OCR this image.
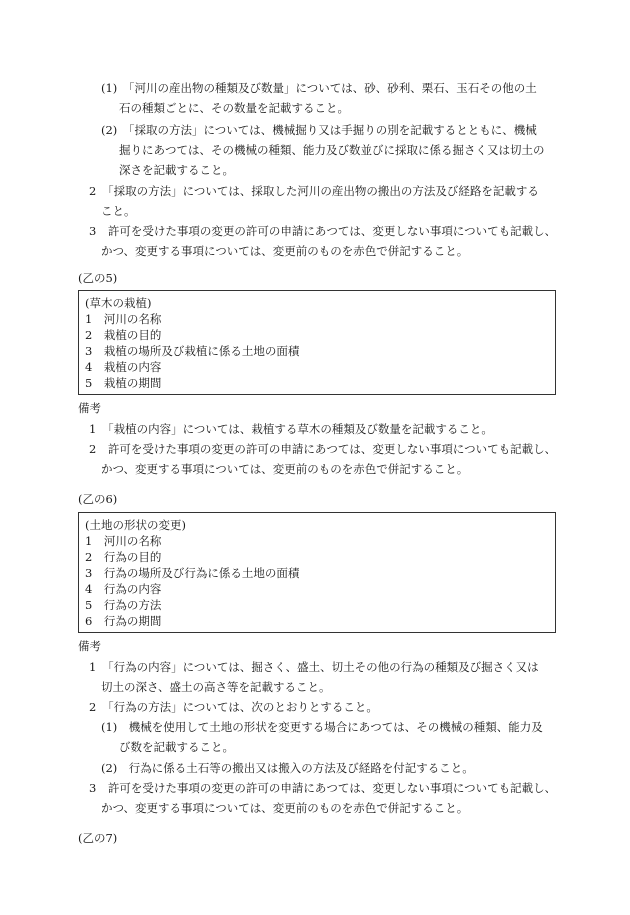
(1)　「河川の産出物の種類及び数量」については、砂、砂利、栗石、玉石その他の土
石の種類ごとに、その数量を記載すること。
(2)　「採取の方法」については、機械掘り又は手掘りの別を記載するとともに、機械
掘りにあつては、その機械の種類、能力及び数並びに採取に係る掘さく又は切土の
深さを記載すること。
2　「採取の方法」については、採取した河川の産出物の搬出の方法及び経路を記載する
こと。
3　許可を受けた事項の変更の許可の申請にあつては、変更しない事項についても記載し、
かつ、変更する事項については、変更前のものを赤色で併記すること。
(乙の5)
(草木の栽植)
1　河川の名称
2　栽植の目的
3　栽植の場所及び栽植に係る土地の面積
4　栽植の内容
5　栽植の期間
備考
1　「栽植の内容」については、栽植する草木の種類及び数量を記載すること。
2　許可を受けた事項の変更の許可の申請にあつては、変更しない事項についても記載し、
かつ、変更する事項については、変更前のものを赤色で併記すること。
(乙の6)
(土地の形状の変更)
1　河川の名称
2　行為の目的
3　行為の場所及び行為に係る土地の面積
4　行為の内容
5　行為の方法
6　行為の期間
備考
1　「行為の内容」については、掘さく、盛土、切土その他の行為の種類及び掘さく又は
切土の深さ、盛土の高さ等を記載すること。
2　「行為の方法」については、次のとおりとすること。
(1)　機械を使用して土地の形状を変更する場合にあつては、その機械の種類、能力及
び数を記載すること。
(2)　行為に係る土石等の搬出又は搬入の方法及び経路を付記すること。
3　許可を受けた事項の変更の許可の申請にあつては、変更しない事項についても記載し、
かつ、変更する事項については、変更前のものを赤色で併記すること。
(乙の7)
